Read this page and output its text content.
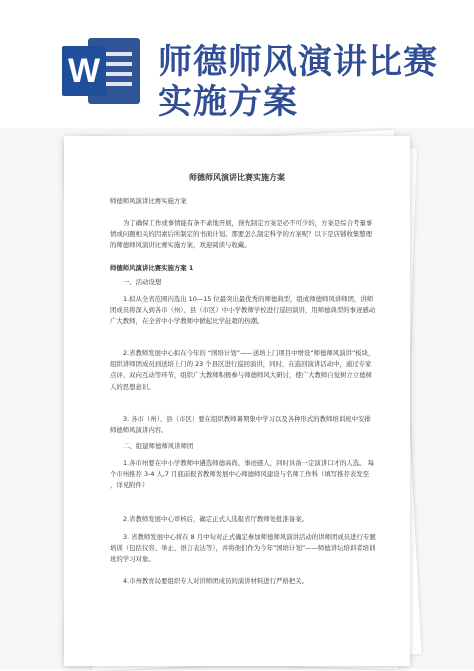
W 师德师风演讲比赛
实施方案
师德师风演讲比赛实施方案
师德师风演讲比赛实施方案
为了确保工作或事情能有条不紊地开展，预先制定方案是必不可少的，方案是综合考量事情或问题相关的因素后所制定的书面计划。那要怎么制定科学的方案呢？以下是店铺收集整理的师德师风演讲比赛实施方案，欢迎阅读与收藏。
师德师风演讲比赛实施方案 1
一、活动设想
1.拟从全省范围内选出 10—15 位最突出最优秀的师德典型，组成师德师风讲师团，讲师团成员将深入到各市（州）、县（市区）中小学教师学校进行巡回演讲，用师德典型的事迹感动广大教师，在全省中小学教师中掀起比学赶超的热潮。
2.省教师发展中心拟在今年的 “国培计划”——送培上门项目中增设“师德师风演讲”板块，组织讲师团成员到送培上门的 23 个县区进行巡回演讲，同时，在巡回演讲活动中，通过专家点评、双向互动等环节，组织广大教师积极参与师德师风大研讨，使广大教师自觉树立立德树人的思想意识。
3. 各市（州）、县（市区）要在组织教师暑期集中学习以及各种形式的教师培训班中安排师德师风演讲内容。
二、组建师德师风讲师团
1.各市州要在中小学教师中遴选师德高尚、事迹感人，同时具备一定演讲口才的人选。 每个市州推荐 3-4 人,7 月底前报省教师发展中心师德师风建设与名师工作科（填写推荐表发至 ，详见附件）
2.省教师发展中心审核后，确定正式人选报省厅教师处批准备案。
3. 省教师发展中心将在 8 月中旬对正式确定参加师德师风演讲活动的讲师团成员进行专题培训（包括仪容、举止、语言表达等），并将他们作为今年“国培计划”——师德讲坛培训者培训班的学习对象。
4.市州教育局要组织专人对讲师团成员的演讲材料进行严格把关。
